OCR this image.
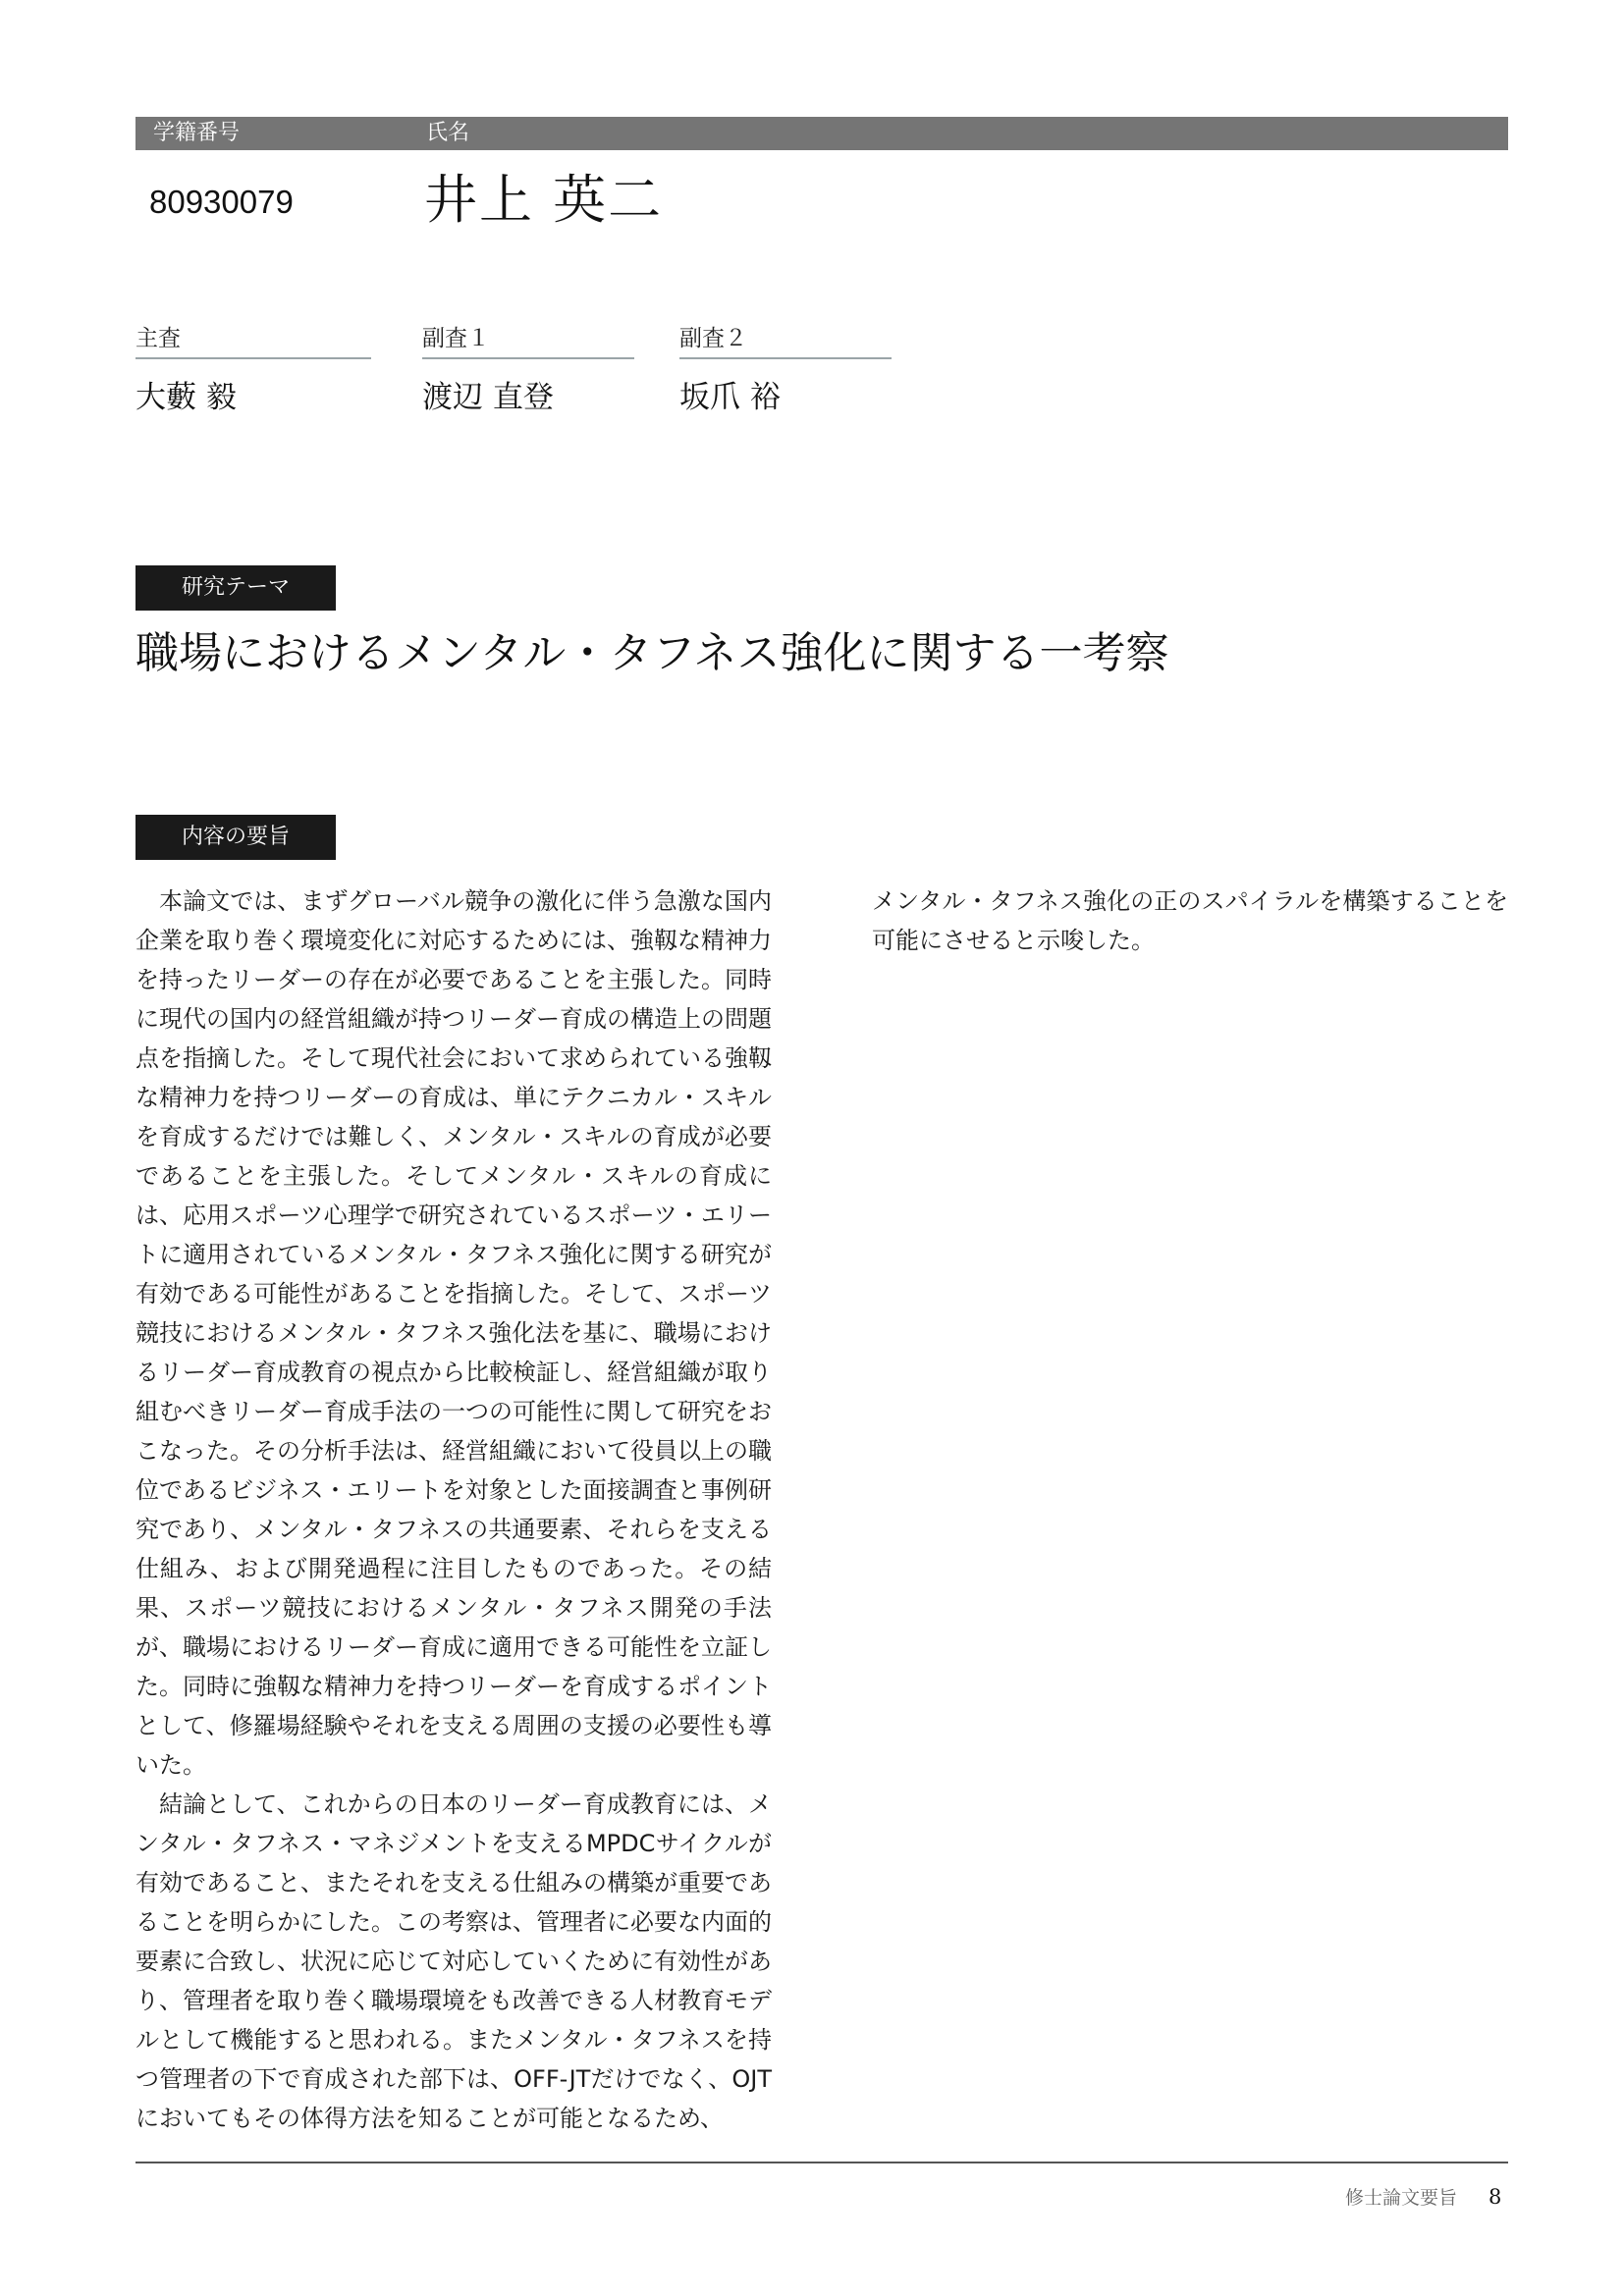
学籍番号	氏名
80930079 井上 英二
主査
大藪 毅
副査１
渡辺 直登
副査２
坂爪 裕
研究テーマ
職場におけるメンタル・タフネス強化に関する一考察
内容の要旨

本論文では、まずグローバル競争の激化に伴う急激な国内企業を取り巻く環境変化に対応するためには、強靱な精神力を持ったリーダーの存在が必要であることを主張した。同時に現代の国内の経営組織が持つリーダー育成の構造上の問題点を指摘した。そして現代社会において求められている強靱な精神力を持つリーダーの育成は、単にテクニカル・スキルを育成するだけでは難しく、メンタル・スキルの育成が必要であることを主張した。そしてメンタル・スキルの育成には、応用スポーツ心理学で研究されているスポーツ・エリートに適用されているメンタル・タフネス強化に関する研究が有効である可能性があることを指摘した。そして、スポーツ競技におけるメンタル・タフネス強化法を基に、職場におけるリーダー育成教育の視点から比較検証し、経営組織が取り組むべきリーダー育成手法の一つの可能性に関して研究をおこなった。その分析手法は、経営組織において役員以上の職位であるビジネス・エリートを対象とした面接調査と事例研究であり、メンタル・タフネスの共通要素、それらを支える仕組み、および開発過程に注目したものであった。その結果、スポーツ競技におけるメンタル・タフネス開発の手法が、職場におけるリーダー育成に適用できる可能性を立証した。同時に強靱な精神力を持つリーダーを育成するポイントとして、修羅場経験やそれを支える周囲の支援の必要性も導いた。

結論として、これからの日本のリーダー育成教育には、メンタル・タフネス・マネジメントを支えるMPDCサイクルが有効であること、またそれを支える仕組みの構築が重要であることを明らかにした。この考察は、管理者に必要な内面的要素に合致し、状況に応じて対応していくために有効性があり、管理者を取り巻く職場環境をも改善できる人材教育モデルとして機能すると思われる。またメンタル・タフネスを持つ管理者の下で育成された部下は、OFF-JTだけでなく、OJTにおいてもその体得方法を知ることが可能となるため、

メンタル・タフネス強化の正のスパイラルを構築することを可能にさせると示唆した。

修士論文要旨 8
